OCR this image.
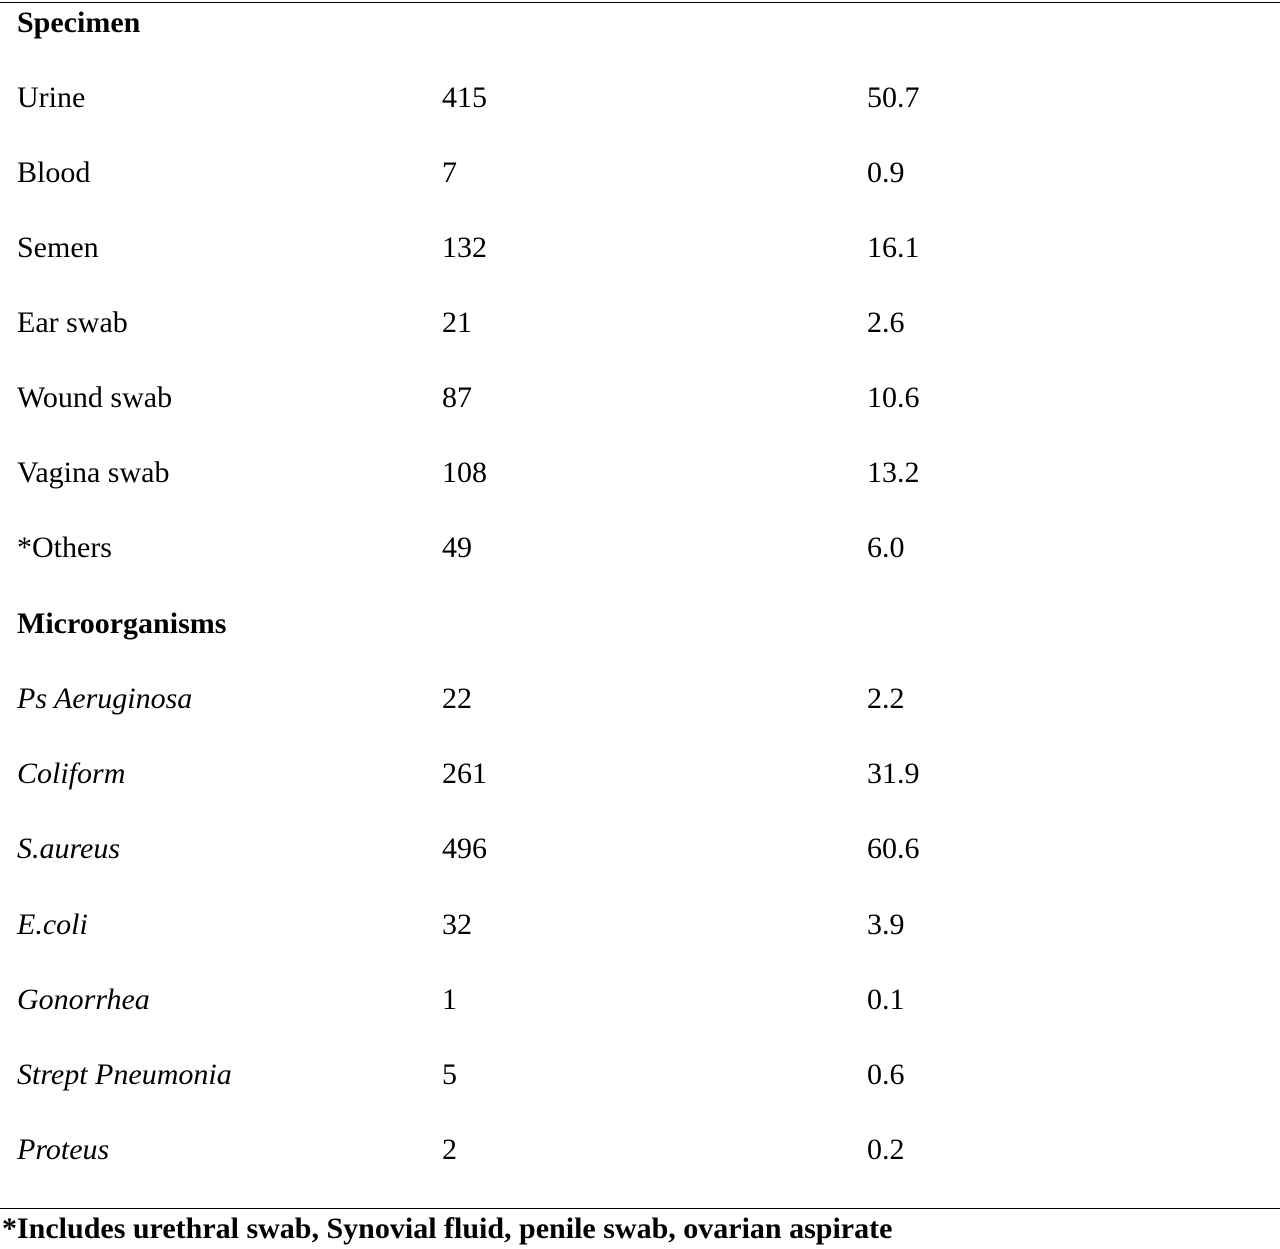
Specimen
Urine	415	50.7
Blood	7	0.9
Semen	132	16.1
Ear swab	21	2.6
Wound swab	87	10.6
Vagina swab	108	13.2
*Others	49	6.0
Microorganisms
Ps Aeruginosa	22	2.2
Coliform	261	31.9
S.aureus	496	60.6
E.coli	32	3.9
Gonorrhea	1	0.1
Strept Pneumonia	5	0.6
Proteus	2	0.2
*Includes urethral swab, Synovial fluid, penile swab, ovarian aspirate
